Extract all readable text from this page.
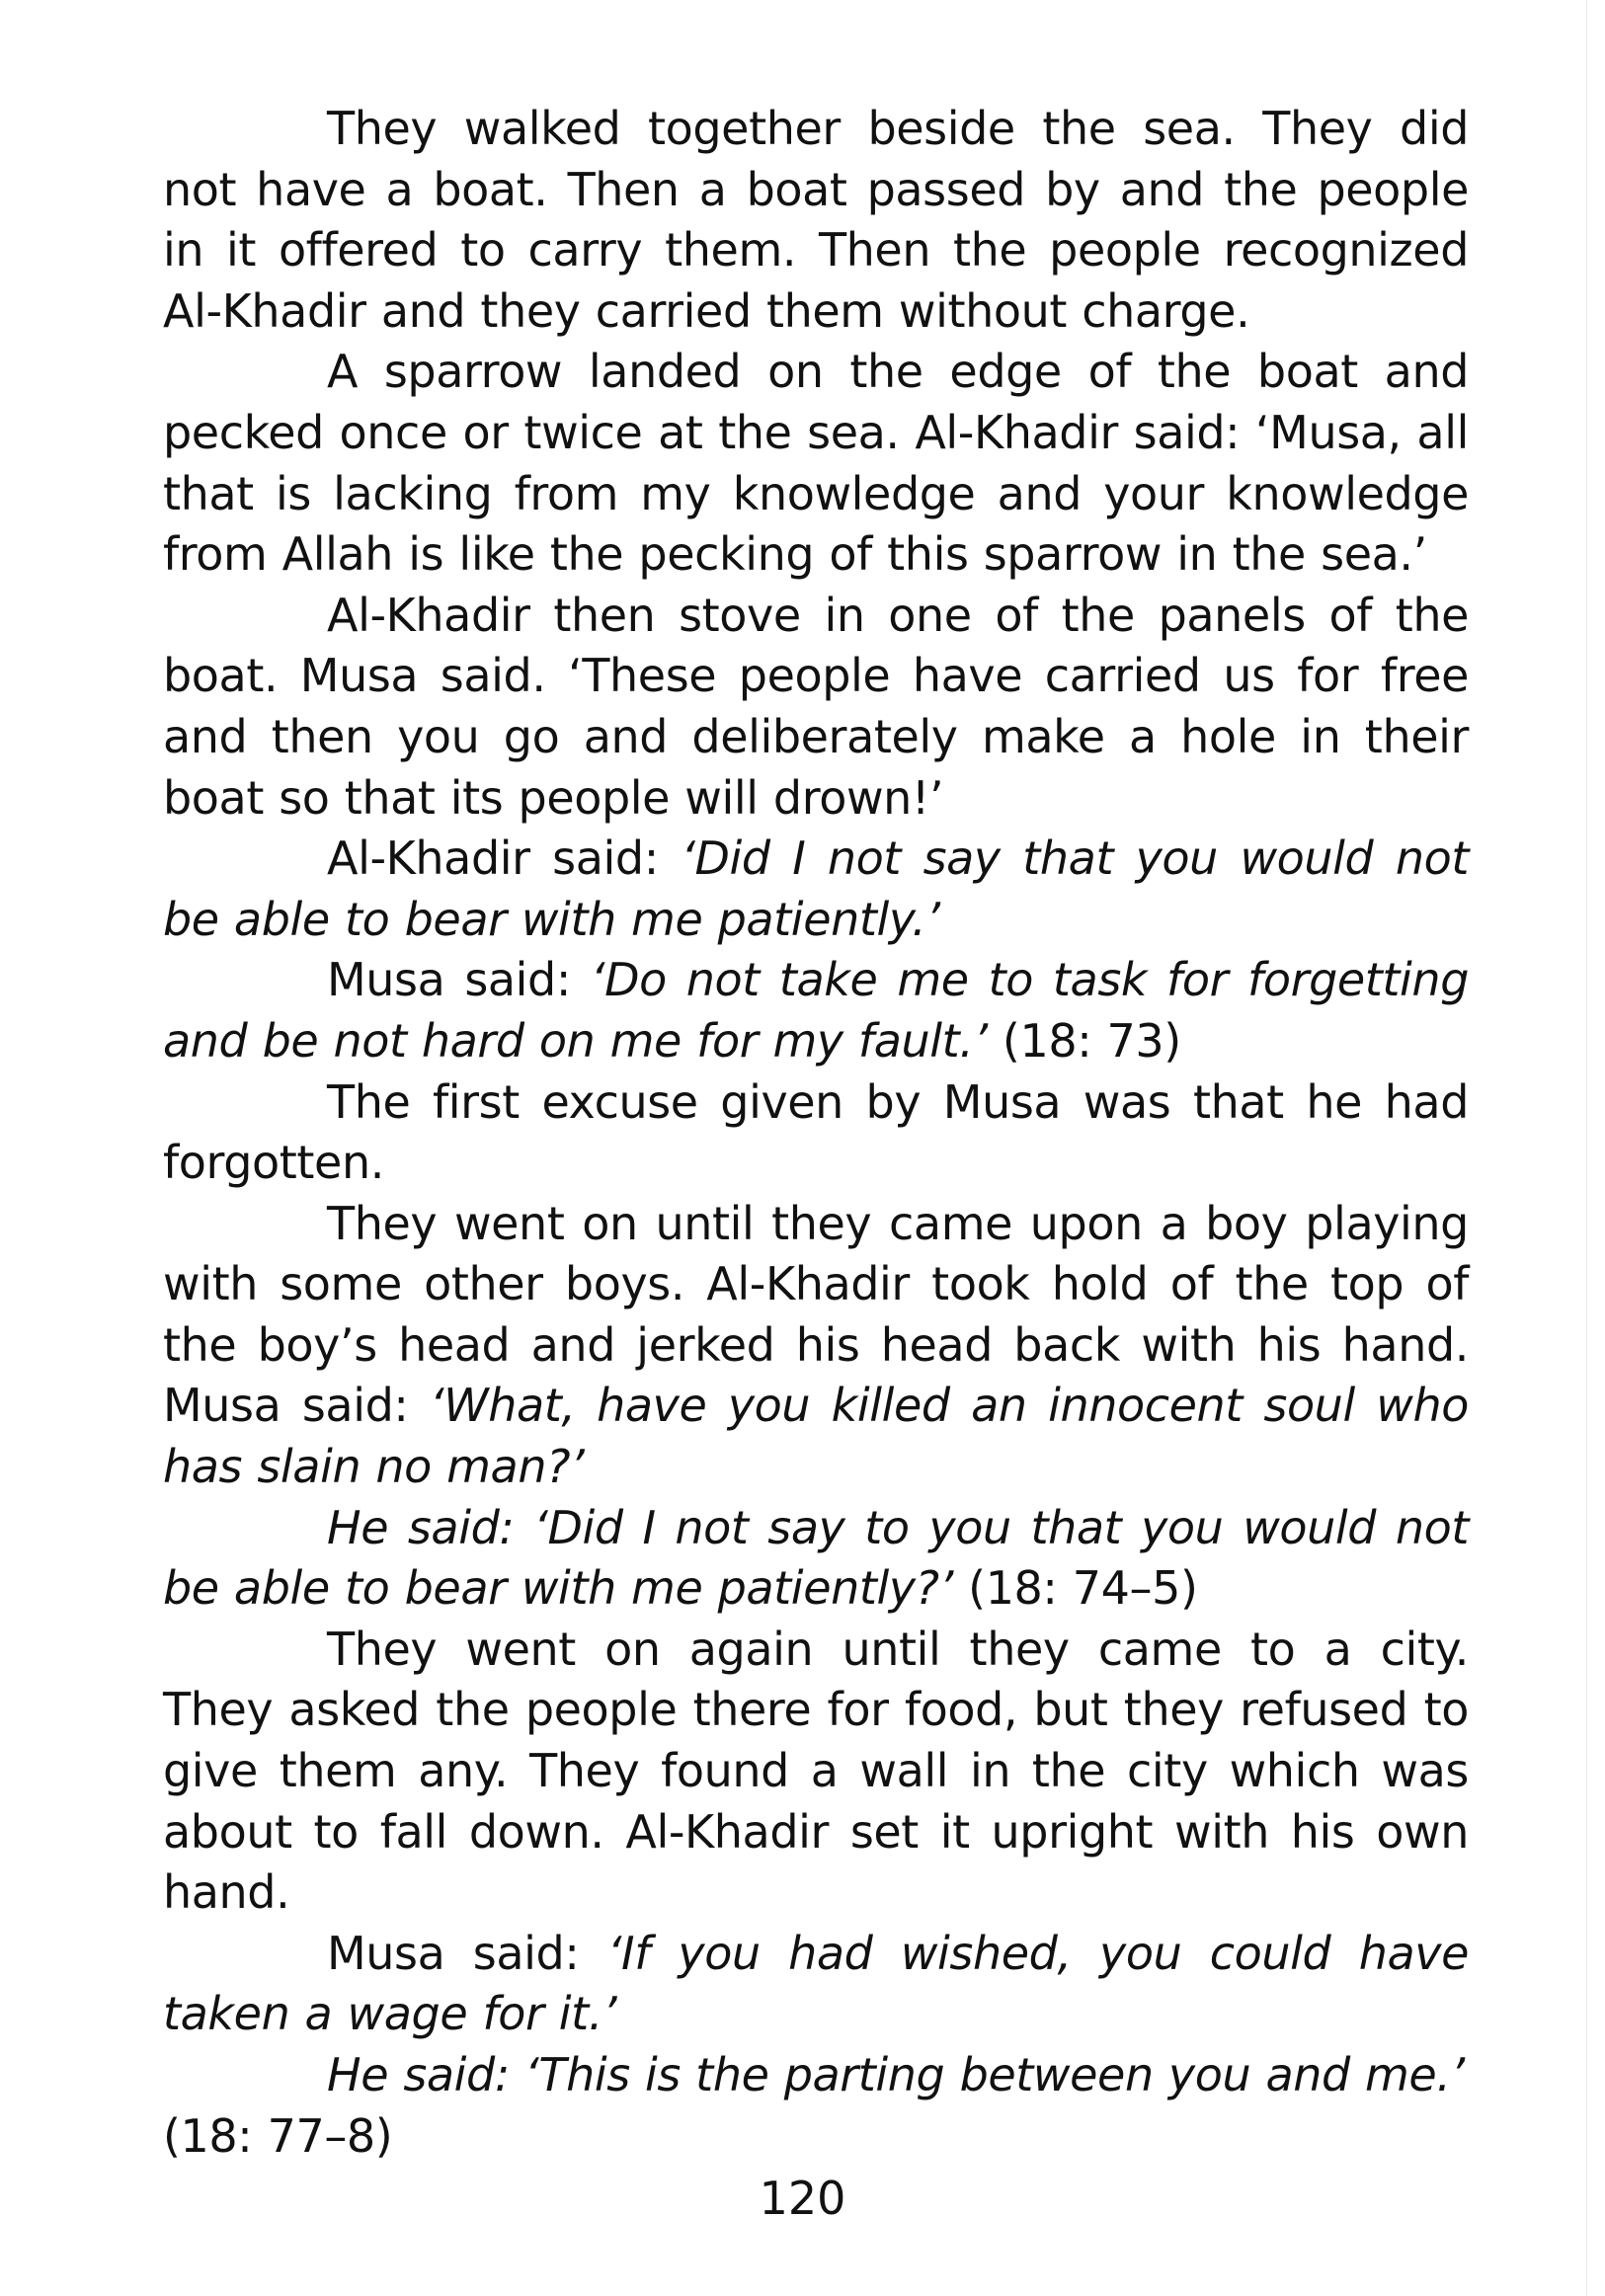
They walked together beside the sea. They did not have a boat. Then a boat passed by and the people in it offered to carry them. Then the people recognized Al-Khadir and they carried them without charge.

A sparrow landed on the edge of the boat and pecked once or twice at the sea. Al-Khadir said: ‘Musa, all that is lacking from my knowledge and your knowledge from Allah is like the pecking of this sparrow in the sea.’

Al-Khadir then stove in one of the panels of the boat. Musa said. ‘These people have carried us for free and then you go and deliberately make a hole in their boat so that its people will drown!’

Al-Khadir said: ‘Did I not say that you would not be able to bear with me patiently.’

Musa said: ‘Do not take me to task for forgetting and be not hard on me for my fault.’ (18: 73)

The first excuse given by Musa was that he had forgotten.

They went on until they came upon a boy playing with some other boys. Al-Khadir took hold of the top of the boy’s head and jerked his head back with his hand. Musa said: ‘What, have you killed an innocent soul who has slain no man?’

He said: ‘Did I not say to you that you would not be able to bear with me patiently?’ (18: 74–5)

They went on again until they came to a city. They asked the people there for food, but they refused to give them any. They found a wall in the city which was about to fall down. Al-Khadir set it upright with his own hand.

Musa said: ‘If you had wished, you could have taken a wage for it.’

He said: ‘This is the parting between you and me.’

(18: 77–8)

120
